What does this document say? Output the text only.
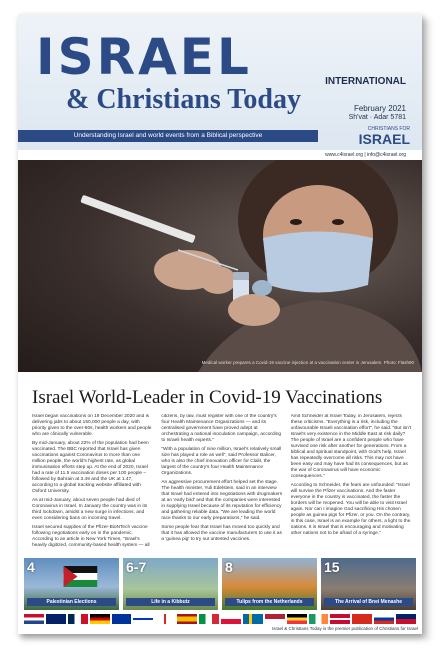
ISRAEL
& Christians Today
INTERNATIONAL
February 2021
Sh'vat · Adar 5781
CHRISTIANS FOR
ISRAEL
Understanding Israel and world events from a Biblical perspective
www.c4israel.org | info@c4israel.org
Medical worker prepares a Covid-19 vaccine injection at a vaccination center in Jerusalem. Photo: Flash90
Israel World-Leader in Covid-19 Vaccinations

Israel began vaccinations on 19 December 2020 and is delivering jabs to about 150,000 people a day, with priority given to the over-60s, health workers and people who are clinically vulnerable.

By mid-January, about 22% of the population had been vaccinated. The BBC reported that Israel has given vaccinations against Coronavirus to more than one million people, the world's highest rate, as global immunisation efforts step up. At the end of 2020, Israel had a rate of 11.5 vaccination doses per 100 people – followed by Bahrain at 3.49 and the UK at 1.47, according to a global tracking website affiliated with Oxford University.

As at mid-January, about seven people had died of Coronavirus in Israel. In January the country was in its third lockdown, amidst a new surge in infections, and even considering bans on incoming travel.

Israel secured supplies of the Pfizer-BioNTech vaccine following negotiations early on in the pandemic. According to an article in New York Times, "Israel's heavily digitized, community-based health system — all

citizens, by law, must register with one of the country's four Health Maintenance Organizations — and its centralised government have proved adept at orchestrating a national inoculation campaign, according to Israeli health experts."

"With a population of nine million, Israel's relatively small size has played a role as well", said Professor Balicer, who is also the chief innovation officer for Clalit, the largest of the country's four Health Maintenance Organizations.

An aggressive procurement effort helped set the stage. The health minister, Yuli Edelstein, said in an interview that Israel had entered into negotiations with drugmakers at an 'early bird' and that the companies were interested in supplying Israel because of its reputation for efficiency and gathering reliable data. "We are leading the world race thanks to our early preparations," he said.

Some people fear that Israel has moved too quickly and that it has allowed the vaccine manufacturers to use it as a 'guinea pig' to try out untested vaccines.

Amit Schneider at Israel Today, in Jerusalem, rejects these criticisms. "Everything is a risk, including the unfavourable Israeli vaccination effort", he said. "But isn't Israel's very existence in the Middle East at risk daily? The people of Israel are a confident people who have survived one risk after another for generations. From a biblical and spiritual standpoint, with God's help, Israel has repeatedly overcome all risks. This may not have been easy and may have had its consequences, but as the war of Coronavirus will have economic consequences."

According to Schneider, the fears are unfounded: "Israel will survive the Pfizer vaccinations. And the faster everyone in the country is vaccinated, the faster the borders will be reopened. You will be able to visit Israel again. Nor can I imagine God sacrificing His chosen people as guinea pigs for Pfizer, or you. On the contrary, in this case, Israel is an example for others, a light to the nations. It is Israel that is encouraging and motivating other nations not to be afraid of a syringe."

4
Palestinian Elections
6-7
Life in a Kibbutz
8
Tulips from the Netherlands
15
The Arrival of Bnei Menashe
Israel & Christians Today is the premier publication of Christians for Israel
